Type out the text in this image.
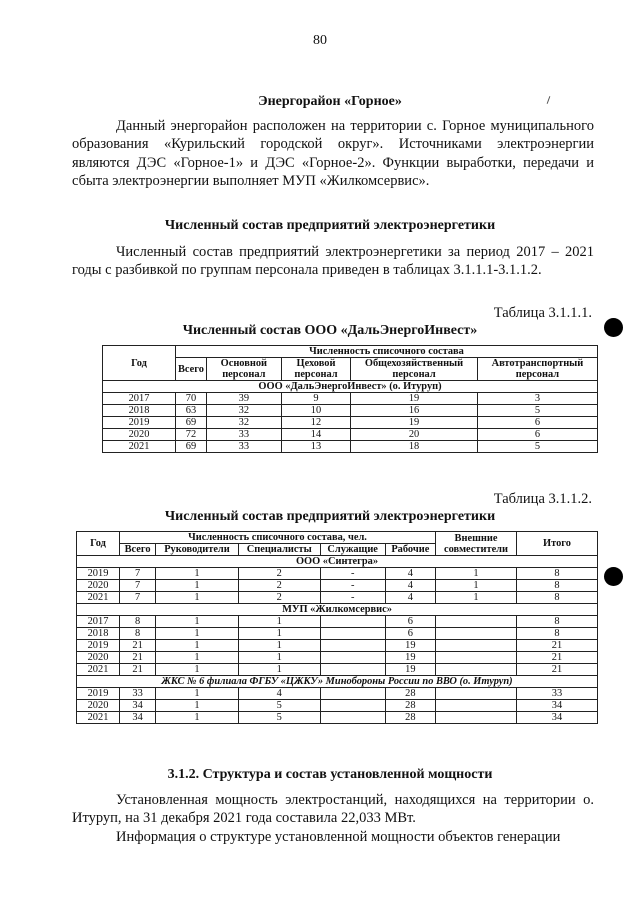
80
Энергорайон «Горное»
Данный энергорайон расположен на территории с. Горное муниципального образования «Курильский городской округ». Источниками электроэнергии являются ДЭС «Горное-1» и ДЭС «Горное-2». Функции выработки, передачи и сбыта электроэнергии выполняет МУП «Жилкомсервис».
Численный состав предприятий электроэнергетики
Численный состав предприятий электроэнергетики за период 2017 – 2021 годы с разбивкой по группам персонала приведен в таблицах 3.1.1.1-3.1.1.2.
Таблица 3.1.1.1.
Численный состав ООО «ДальЭнергоИнвест»
Год	Численность списочного состава				
	Всего	Основной персонал	Цеховой персонал	Общехозяйственный персонал	Автотранспортный персонал
ООО «ДальЭнергоИнвест» (о. Итуруп)					
2017	70	39	9	19	3
2018	63	32	10	16	5
2019	69	32	12	19	6
2020	72	33	14	20	6
2021	69	33	13	18	5
Таблица 3.1.1.2.
Численный состав предприятий электроэнергетики
Год	Численность списочного состава, чел.					Внешние совместители	Итого
	Всего	Руководители	Специалисты	Служащие	Рабочие		
ООО «Синтегра»							
2019	7	1	2	-	4	1	8
2020	7	1	2	-	4	1	8
2021	7	1	2	-	4	1	8
МУП «Жилкомсервис»							
2017	8	1	1		6		8
2018	8	1	1		6		8
2019	21	1	1		19		21
2020	21	1	1		19		21
2021	21	1	1		19		21
ЖКС № 6 филиала ФГБУ «ЦЖКУ» Минобороны России по ВВО (о. Итуруп)							
2019	33	1	4		28		33
2020	34	1	5		28		34
2021	34	1	5		28		34
3.1.2. Структура и состав установленной мощности
Установленная мощность электростанций, находящихся на территории о. Итуруп, на 31 декабря 2021 года составила 22,033 МВт.
Информация о структуре установленной мощности объектов генерации
